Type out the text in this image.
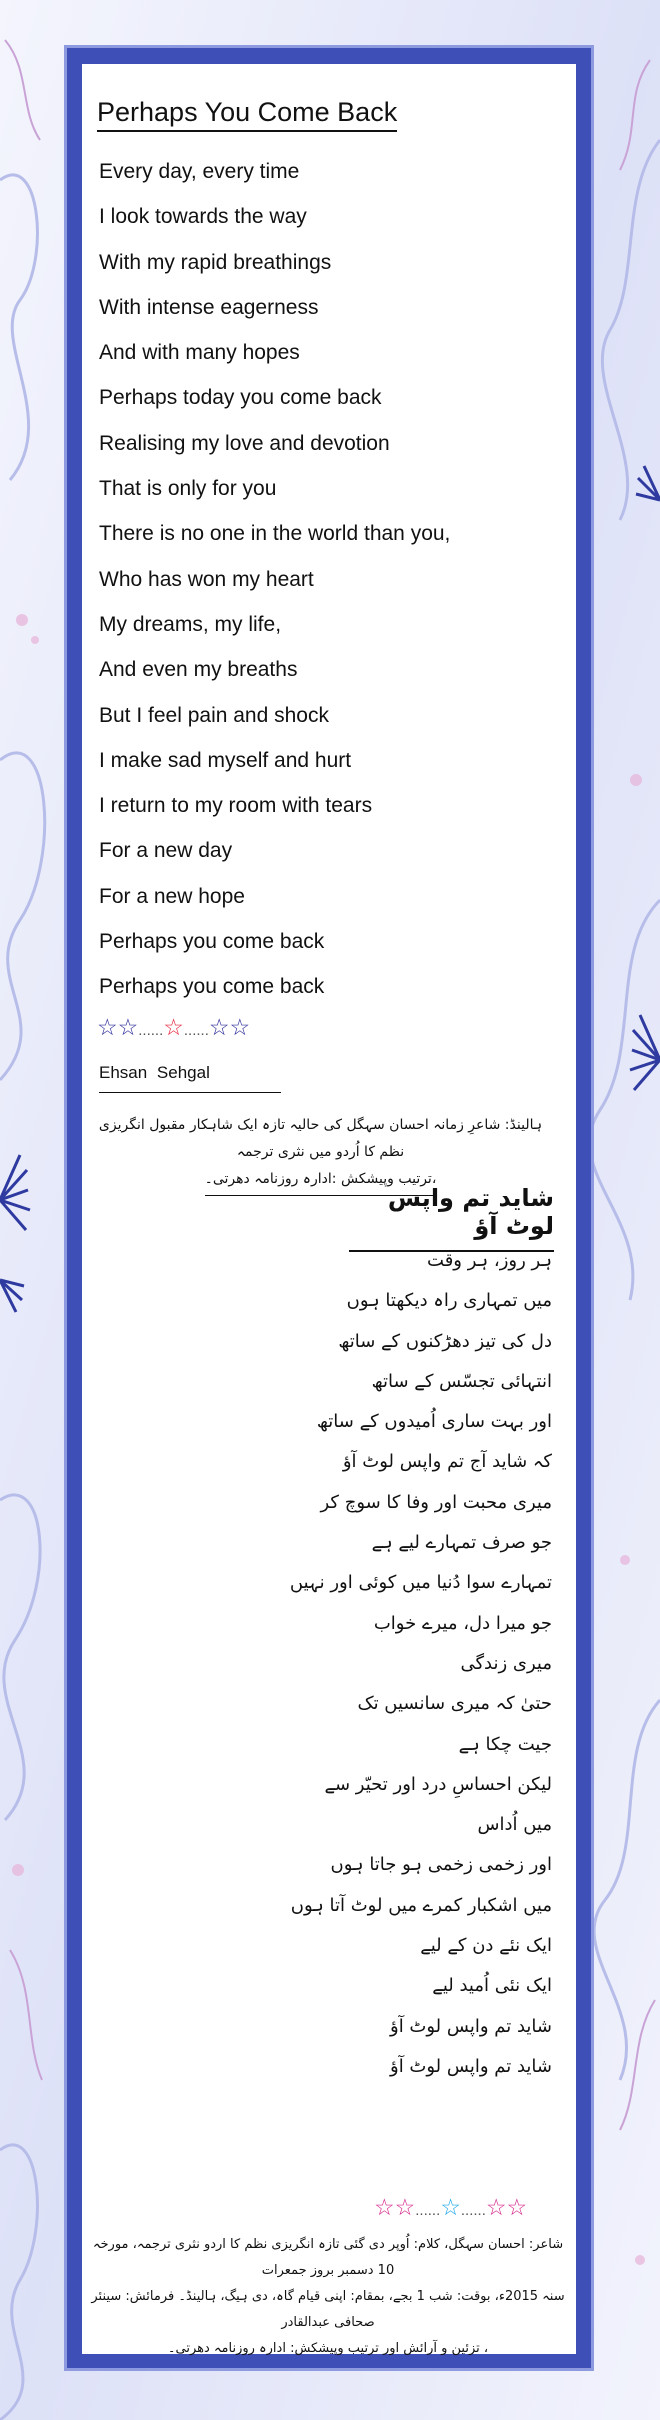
Perhaps You Come Back
Every day, every time
I look towards the way
With my rapid breathings
With intense eagerness
And with many hopes
Perhaps today you come back
Realising my love and devotion
That is only for you
There is no one in the world than you,
Who has won my heart
My dreams, my life,
And even my breaths
But I feel pain and shock
I make sad myself and hurt
I return to my room with tears
For a new day
For a new hope
Perhaps you come back
Perhaps you come back
☆☆......☆......☆☆
Ehsan Sehgal
ہالینڈ: شاعرِ زمانہ احسان سہگل کی حالیہ تازہ ایک شاہکار مقبول انگریزی نظم کا اُردو میں نثری ترجمہ
،ترتیب وپیشکش :ادارہ روزنامہ دھرتی۔
شاید تم واپس لوٹ آؤ
ہر روز، ہر وقت
میں تمہاری راہ دیکھتا ہوں
دل کی تیز دھڑکنوں کے ساتھ
انتہائی تجسّس کے ساتھ
اور بہت ساری اُمیدوں کے ساتھ
کہ شاید آج تم واپس لوٹ آؤ
میری محبت اور وفا کا سوچ کر
جو صرف تمہارے لیے ہے
تمہارے سوا دُنیا میں کوئی اور نہیں
جو میرا دل، میرے خواب
میری زندگی
حتیٰ کہ میری سانسیں تک
جیت چکا ہے
لیکن احساسِ درد اور تحیّر سے
میں اُداس
اور زخمی زخمی ہو جاتا ہوں
میں اشکبار کمرے میں لوٹ آتا ہوں
ایک نئے دن کے لیے
ایک نئی اُمید لیے
شاید تم واپس لوٹ آؤ
شاید تم واپس لوٹ آؤ
☆☆......☆......☆☆
شاعر: احسان سہگل، کلام: اُوپر دی گئی تازہ انگریزی نظم کا اردو نثری ترجمہ، مورخہ 10 دسمبر بروز جمعرات
سنہ 2015ء، بوقت: شب 1 بجے، بمقام: اپنی قیام گاہ، دی ہیگ، ہالینڈ۔ فرمائش: سینئر صحافی عبدالقادر
، تزئین و آرائش اور ترتیب وپیشکش: ادارہ روزنامہ دھرتی۔
